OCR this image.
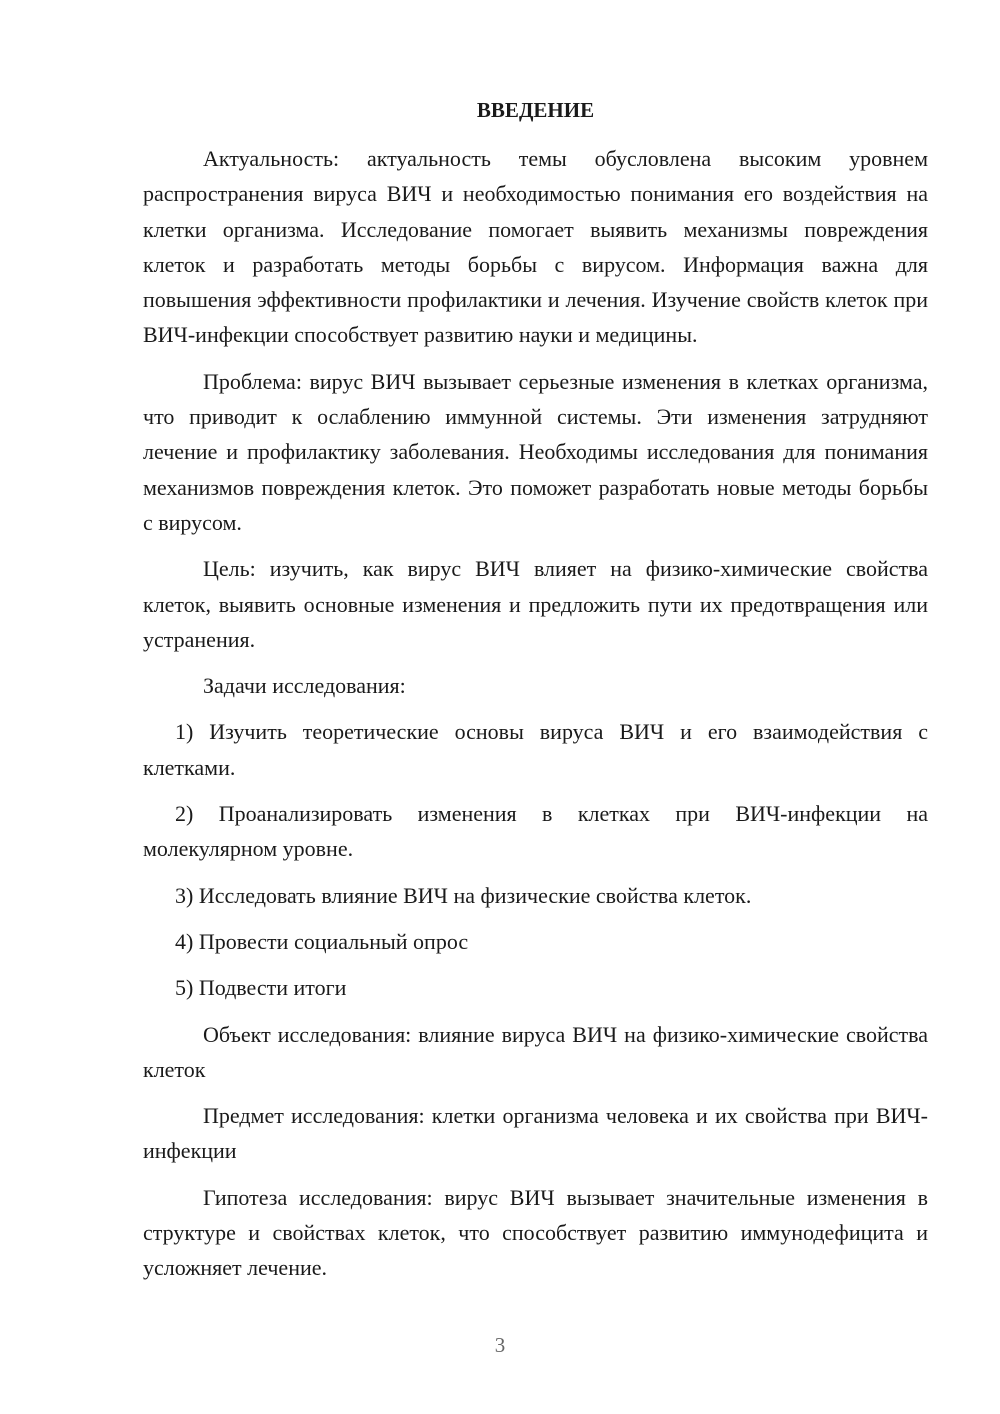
ВВЕДЕНИЕ

Актуальность: актуальность темы обусловлена высоким уровнем распространения вируса ВИЧ и необходимостью понимания его воздействия на клетки организма. Исследование помогает выявить механизмы повреждения клеток и разработать методы борьбы с вирусом. Информация важна для повышения эффективности профилактики и лечения. Изучение свойств клеток при ВИЧ-инфекции способствует развитию науки и медицины.

Проблема: вирус ВИЧ вызывает серьезные изменения в клетках организма, что приводит к ослаблению иммунной системы. Эти изменения затрудняют лечение и профилактику заболевания. Необходимы исследования для понимания механизмов повреждения клеток. Это поможет разработать новые методы борьбы с вирусом.

Цель: изучить, как вирус ВИЧ влияет на физико-химические свойства клеток, выявить основные изменения и предложить пути их предотвращения или устранения.

Задачи исследования:

1) Изучить теоретические основы вируса ВИЧ и его взаимодействия с клетками.

2) Проанализировать изменения в клетках при ВИЧ-инфекции на молекулярном уровне.

3) Исследовать влияние ВИЧ на физические свойства клеток.

4) Провести социальный опрос

5) Подвести итоги

Объект исследования: влияние вируса ВИЧ на физико-химические свойства клеток

Предмет исследования: клетки организма человека и их свойства при ВИЧ-инфекции

Гипотеза исследования: вирус ВИЧ вызывает значительные изменения в структуре и свойствах клеток, что способствует развитию иммунодефицита и усложняет лечение.

3
